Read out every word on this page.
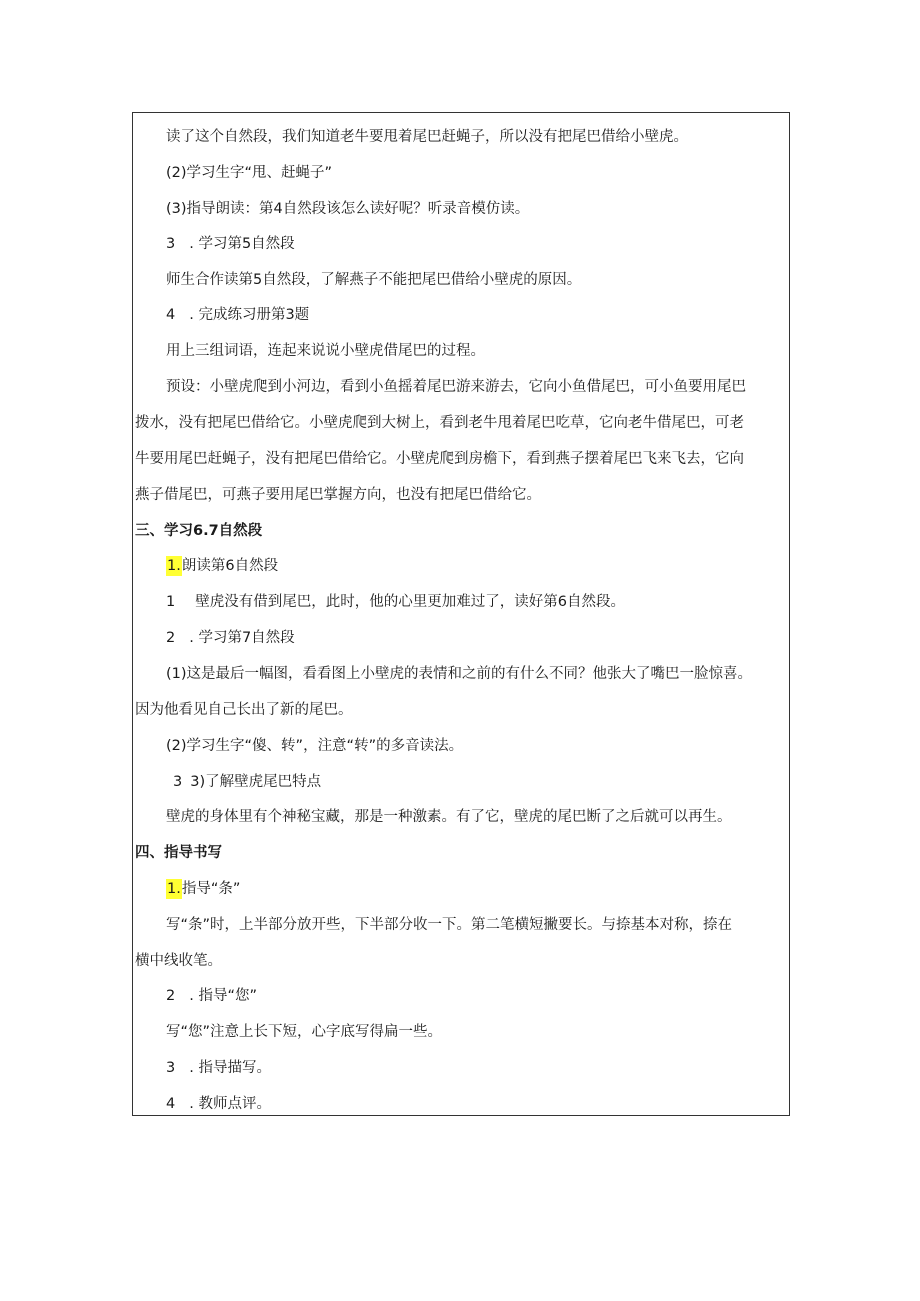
读了这个自然段，我们知道老牛要甩着尾巴赶蝇子，所以没有把尾巴借给小壁虎。
(2)学习生字“甩、赶蝇子”
(3)指导朗读：第4自然段该怎么读好呢？听录音模仿读。
3 . 学习第5自然段
师生合作读第5自然段，了解燕子不能把尾巴借给小壁虎的原因。
4 . 完成练习册第3题
用上三组词语，连起来说说小壁虎借尾巴的过程。
预设：小壁虎爬到小河边，看到小鱼摇着尾巴游来游去，它向小鱼借尾巴，可小鱼要用尾巴
拨水，没有把尾巴借给它。小壁虎爬到大树上，看到老牛甩着尾巴吃草，它向老牛借尾巴，可老
牛要用尾巴赶蝇子，没有把尾巴借给它。小壁虎爬到房檐下，看到燕子摆着尾巴飞来飞去，它向
燕子借尾巴，可燕子要用尾巴掌握方向，也没有把尾巴借给它。
三、学习6.7自然段
1.朗读第6自然段
1 壁虎没有借到尾巴，此时，他的心里更加难过了，读好第6自然段。
2 . 学习第7自然段
(1)这是最后一幅图，看看图上小壁虎的表情和之前的有什么不同？他张大了嘴巴一脸惊喜。
因为他看见自己长出了新的尾巴。
(2)学习生字“傻、转”，注意“转”的多音读法。
3 3)了解壁虎尾巴特点
壁虎的身体里有个神秘宝藏，那是一种激素。有了它，壁虎的尾巴断了之后就可以再生。
四、指导书写
1.指导“条”
写“条”时，上半部分放开些，下半部分收一下。第二笔横短撇要长。与捺基本对称，捺在
横中线收笔。
2 . 指导“您”
写“您”注意上长下短，心字底写得扁一些。
3 . 指导描写。
4 . 教师点评。
